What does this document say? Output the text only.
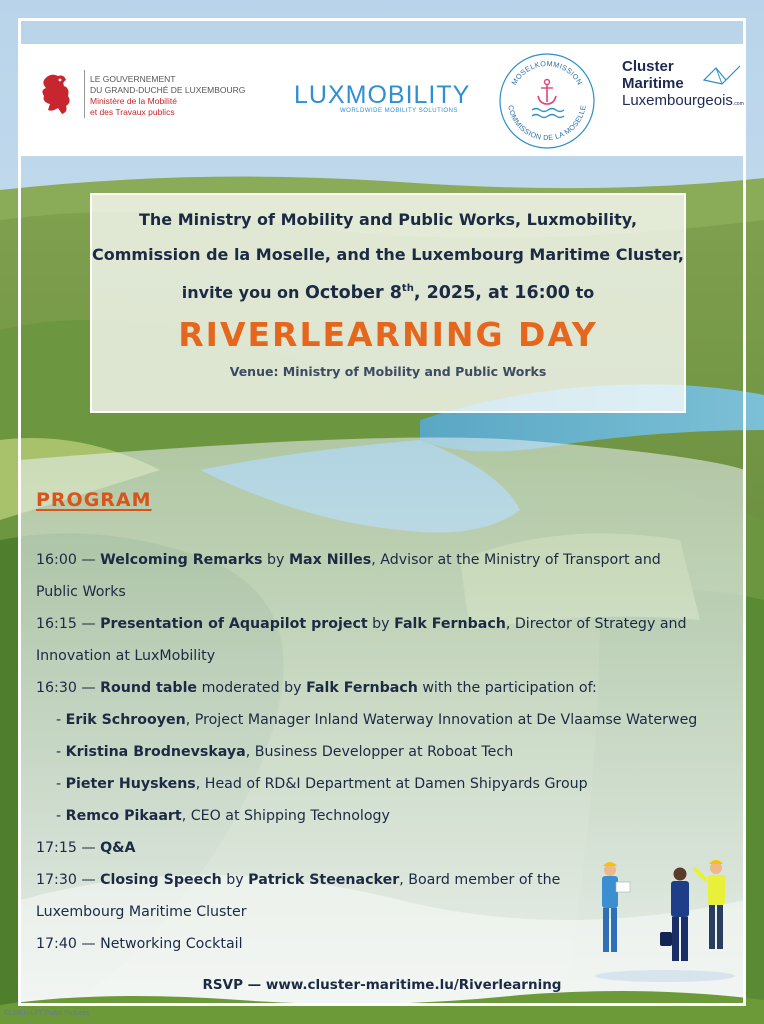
LE GOUVERNEMENT
DU GRAND-DUCHÉ DE LUXEMBOURG
Ministère de la Mobilité
et des Travaux publics
LUXMOBILITY
WORLDWIDE MOBILITY SOLUTIONS
MOSELKOMMISSION
COMMISSION DE LA MOSELLE
Cluster
Maritime
Luxembourgeois.com

The Ministry of Mobility and Public Works, Luxmobility,

Commission de la Moselle, and the Luxembourg Maritime Cluster,

invite you on October 8th, 2025, at 16:00 to

RIVERLEARNING DAY
Venue: Ministry of Mobility and Public Works
PROGRAM
16:00 — Welcoming Remarks by Max Nilles, Advisor at the Ministry of Transport and
Public Works
16:15 — Presentation of Aquapilot project by Falk Fernbach, Director of Strategy and
Innovation at LuxMobility
16:30 — Round table moderated by Falk Fernbach with the participation of:
- Erik Schrooyen, Project Manager Inland Waterway Innovation at De Vlaamse Waterweg
- Kristina Brodnevskaya, Business Developper at Roboat Tech
- Pieter Huyskens, Head of RD&I Department at Damen Shipyards Group
- Remco Pikaart, CEO at Shipping Technology
17:15 — Q&A
17:30 — Closing Speech by Patrick Steenacker, Board member of the
Luxembourg Maritime Cluster
17:40 — Networking Cocktail
RSVP — www.cluster-maritime.lu/Riverlearning
©LMEH/LFT Pulse Pictures
